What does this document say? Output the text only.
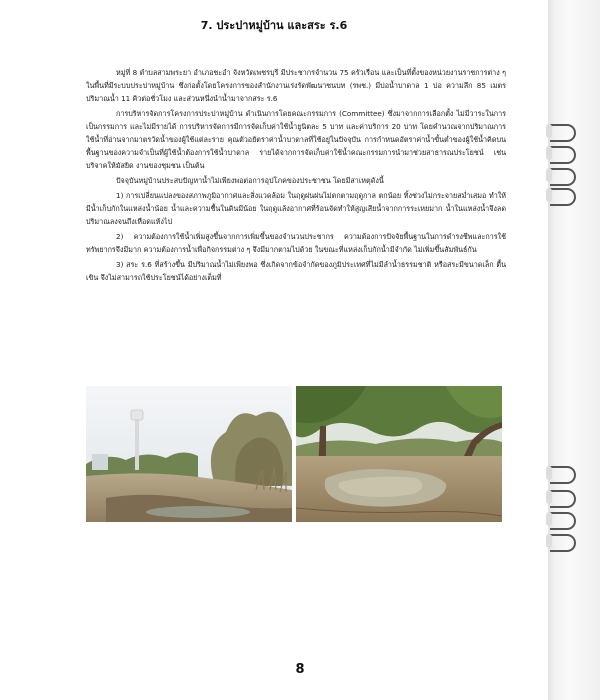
7. ประปาหมู่บ้าน และสระ ร.6

หมู่ที่ 8 ตำบลสามพระยา อำเภอชะอำ จังหวัดเพชรบุรี มีประชากรจำนวน 75 ครัวเรือน และเป็นที่ตั้งของหน่วยงานราชการต่าง ๆ ในพื้นที่มีระบบประปาหมู่บ้าน ซึ่งก่อตั้งโดยโครงการของสำนักงานเร่งรัดพัฒนาชนบท (รพช.) มีบ่อน้ำบาดาล 1 บ่อ ความลึก 85 เมตร ปริมาณน้ำ 11 คิวต่อชั่วโมง และส่วนหนึ่งนำน้ำมาจากสระ ร.6

การบริหารจัดการโครงการประปาหมู่บ้าน ดำเนินการโดยคณะกรรมการ (Committee) ซึ่งมาจากการเลือกตั้ง ไม่มีวาระในการเป็นกรรมการ และไม่มีรายได้ การบริหารจัดการมีการจัดเก็บค่าใช้น้ำยูนิตละ 5 บาท และค่าบริการ 20 บาท โดยคำนวณจากปริมาณการใช้น้ำที่อ่านจากมาตรวัดน้ำของผู้ใช้แต่ละราย คุณตัวอยัตราค่าน้ำบาดาลที่ใช้อยู่ในปัจจุบัน การกำหนดอัตราค่าน้ำขั้นต่ำของผู้ใช้น้ำคิดบนพื้นฐานของความจำเป็นที่ผู้ใช้น้ำต้องการใช้น้ำบาดาล รายได้จากการจัดเก็บค่าใช้น้ำคณะกรรมการนำมาช่วยสาธารณประโยชน์ เช่น บริจาคให้มัสยิด งานของชุมชน เป็นต้น

ปัจจุบันหมู่บ้านประสบปัญหาน้ำไม่เพียงพอต่อการอุปโภคของประชาชน โดยมีสาเหตุดังนี้

1) การเปลี่ยนแปลงของสภาพภูมิอากาศและสิ่งแวดล้อม ในฤดูฝนฝนไม่ตกตามฤดูกาล ตกน้อย ทิ้งช่วงไม่กระจายสม่ำเสมอ ทำให้มีน้ำเก็บกักในแหล่งน้ำน้อย น้ำและความชื้นในดินมีน้อย ในฤดูแล้งอากาศที่ร้อนจัดทำให้สูญเสียน้ำจากการระเหยมาก น้ำในแหล่งน้ำจึงลดปริมาณลงจนถึงเหือดแห้งไป

2) ความต้องการใช้น้ำเพิ่มสูงขึ้นจากการเพิ่มขึ้นของจำนวนประชากร ความต้องการปัจจัยพื้นฐานในการดำรงชีพและการใช้ทรัพยากรจึงมีมาก ความต้องการน้ำเพื่อกิจกรรมต่าง ๆ จึงมีมากตามไปด้วย ในขณะที่แหล่งเก็บกักน้ำมีจำกัด ไม่เพิ่มขึ้นสัมพันธ์กัน

3) สระ ร.6 ที่สร้างขึ้น มีปริมาณน้ำไม่เพียงพอ ซึ่งเกิดจากข้อจำกัดของภูมิประเทศที่ไม่มีลำน้ำธรรมชาติ หรือสระมีขนาดเล็ก ตื้นเขิน จึงไม่สามารถใช้ประโยชน์ได้อย่างเต็มที่

8
